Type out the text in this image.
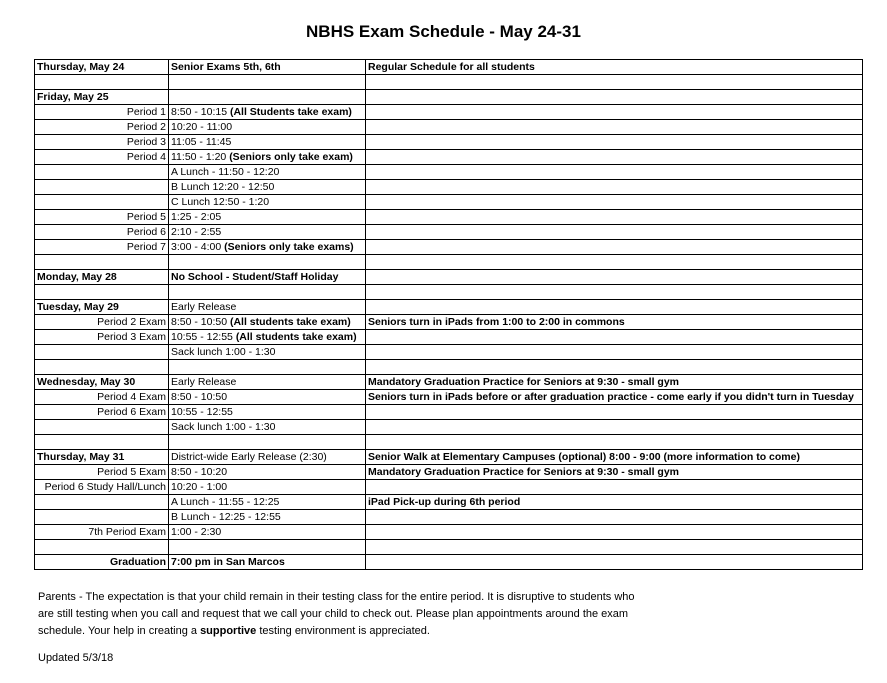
NBHS Exam Schedule - May 24-31
Thursday, May 24	Senior Exams 5th, 6th	Regular Schedule for all students

Friday, May 25		
Period 1	8:50 - 10:15 (All Students take exam)	
Period 2	10:20 - 11:00	
Period 3	11:05 - 11:45	
Period 4	11:50 - 1:20 (Seniors only take exam)	
	A Lunch - 11:50 - 12:20	
	B Lunch 12:20 - 12:50	
	C Lunch 12:50 - 1:20	
Period 5	1:25 - 2:05	
Period 6	2:10 - 2:55	
Period 7	3:00 - 4:00 (Seniors only take exams)	

Monday, May 28	No School - Student/Staff Holiday	

Tuesday, May 29	Early Release	
Period 2 Exam	8:50 - 10:50 (All students take exam)	Seniors turn in iPads from 1:00 to 2:00 in commons
Period 3 Exam	10:55 - 12:55 (All students take exam)	
	Sack lunch 1:00 - 1:30	

Wednesday, May 30	Early Release	Mandatory Graduation Practice for Seniors at 9:30 - small gym
Period 4 Exam	8:50 - 10:50	Seniors turn in iPads before or after graduation practice - come early if you didn't turn in Tuesday
Period 6 Exam	10:55 - 12:55	
	Sack lunch 1:00 - 1:30	

Thursday, May 31	District-wide Early Release (2:30)	Senior Walk at Elementary Campuses (optional) 8:00 - 9:00 (more information to come)
Period 5 Exam	8:50 - 10:20	Mandatory Graduation Practice for Seniors at 9:30 - small gym
Period 6 Study Hall/Lunch	10:20 - 1:00	
	A Lunch - 11:55 - 12:25	iPad Pick-up during 6th period
	B Lunch - 12:25 - 12:55	
7th Period Exam	1:00 - 2:30	

Graduation	7:00 pm in San Marcos	
Parents - The expectation is that your child remain in their testing class for the entire period. It is disruptive to students who are still testing when you call and request that we call your child to check out. Please plan appointments around the exam schedule. Your help in creating a supportive testing environment is appreciated.
Updated 5/3/18
